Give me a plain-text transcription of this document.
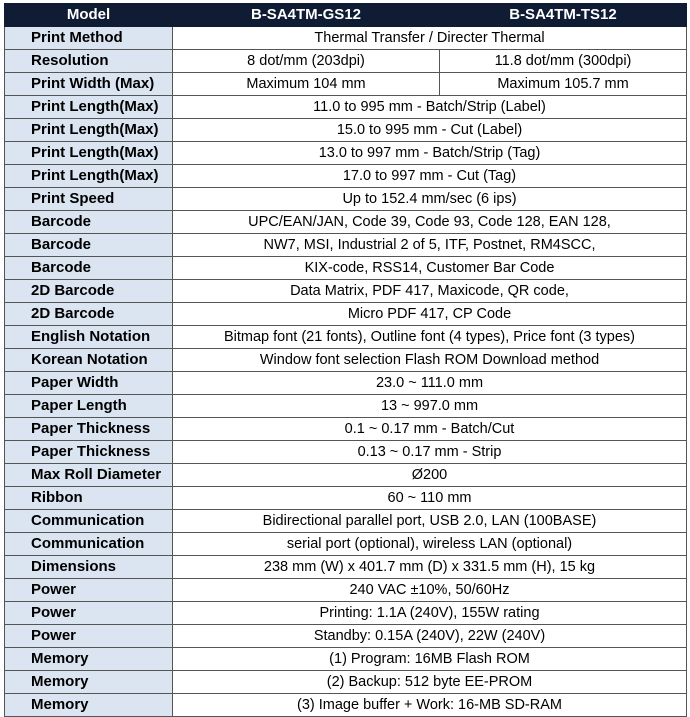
Model	B-SA4TM-GS12	B-SA4TM-TS12
Print Method	Thermal Transfer / Directer Thermal	
Resolution	8 dot/mm (203dpi)	11.8 dot/mm (300dpi)
Print Width (Max)	Maximum 104 mm	Maximum 105.7 mm
Print Length(Max)	11.0 to 995 mm - Batch/Strip (Label)	
Print Length(Max)	15.0 to 995 mm - Cut (Label)	
Print Length(Max)	13.0 to 997 mm - Batch/Strip (Tag)	
Print Length(Max)	17.0 to 997 mm - Cut (Tag)	
Print Speed	Up to 152.4 mm/sec (6 ips)	
Barcode	UPC/EAN/JAN, Code 39, Code 93, Code 128, EAN 128,	
Barcode	NW7, MSI, Industrial 2 of 5, ITF, Postnet, RM4SCC,	
Barcode	KIX-code, RSS14, Customer Bar Code	
2D Barcode	Data Matrix, PDF 417, Maxicode, QR code,	
2D Barcode	Micro PDF 417, CP Code	
English Notation	Bitmap font (21 fonts), Outline font (4 types), Price font (3 types)	
Korean Notation	Window font selection Flash ROM Download method	
Paper Width	23.0 ~ 111.0 mm	
Paper Length	13 ~ 997.0 mm	
Paper Thickness	0.1 ~ 0.17 mm - Batch/Cut	
Paper Thickness	0.13 ~ 0.17 mm - Strip	
Max Roll Diameter	Ø200	
Ribbon	60 ~ 110 mm	
Communication	Bidirectional parallel port, USB 2.0, LAN (100BASE)	
Communication	serial port (optional), wireless LAN (optional)	
Dimensions	238 mm (W) x 401.7 mm (D) x 331.5 mm (H), 15 kg	
Power	240 VAC ±10%, 50/60Hz	
Power	Printing: 1.1A (240V), 155W rating	
Power	Standby: 0.15A (240V), 22W (240V)	
Memory	(1) Program: 16MB Flash ROM	
Memory	(2) Backup: 512 byte EE-PROM	
Memory	(3) Image buffer + Work: 16-MB SD-RAM	
